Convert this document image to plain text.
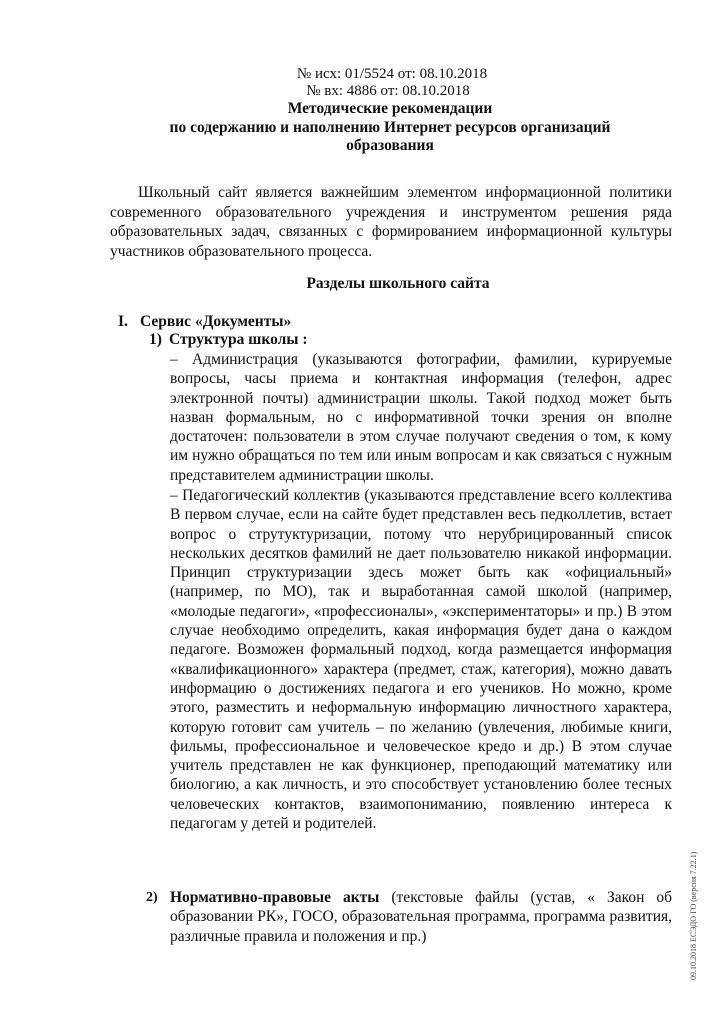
№ исх: 01/5524 от: 08.10.2018
№ вх: 4886 от: 08.10.2018
Методические рекомендации
по содержанию и наполнению Интернет ресурсов организаций
образования

Школьный сайт является важнейшим элементом информационной политики современного образовательного учреждения и инструментом решения ряда образовательных задач, связанных с формированием информационной культуры участников образовательного процесса.

Разделы школьного сайта
I. Сервис «Документы»
1) Структура школы :

– Администрация (указываются фотографии, фамилии, курируемые вопросы, часы приема и контактная информация (телефон, адрес электронной почты) администрации школы. Такой подход может быть назван формальным, но с информативной точки зрения он вполне достаточен: пользователи в этом случае получают сведения о том, к кому им нужно обращаться по тем или иным вопросам и как связаться с нужным представителем администрации школы.

– Педагогический коллектив (указываются представление всего коллектива В первом случае, если на сайте будет представлен весь педколлетив, встает вопрос о струтуктуризации, потому что нерубрицированный список нескольких десятков фамилий не дает пользователю никакой информации. Принцип структуризации здесь может быть как «официальный» (например, по МО), так и выработанная самой школой (например, «молодые педагоги», «профессионалы», «экспериментаторы» и пр.) В этом случае необходимо определить, какая информация будет дана о каждом педагоге. Возможен формальный подход, когда размещается информация «квалификационного» характера (предмет, стаж, категория), можно давать информацию о достижениях педагога и его учеников. Но можно, кроме этого, разместить и неформальную информацию личностного характера, которую готовит сам учитель – по желанию (увлечения, любимые книги, фильмы, профессиональное и человеческое кредо и др.) В этом случае учитель представлен не как функционер, преподающий математику или биологию, а как личность, и это способствует установлению более тесных человеческих контактов, взаимопониманию, появлению интереса к педагогам у детей и родителей.

2) Нормативно-правовые акты (текстовые файлы (устав, « Закон об образовании РК», ГОСО, образовательная программа, программа развития, различные правила и положения и пр.)	09.10.2018 ЕСЭДО ГО (версия 7.22.1)
